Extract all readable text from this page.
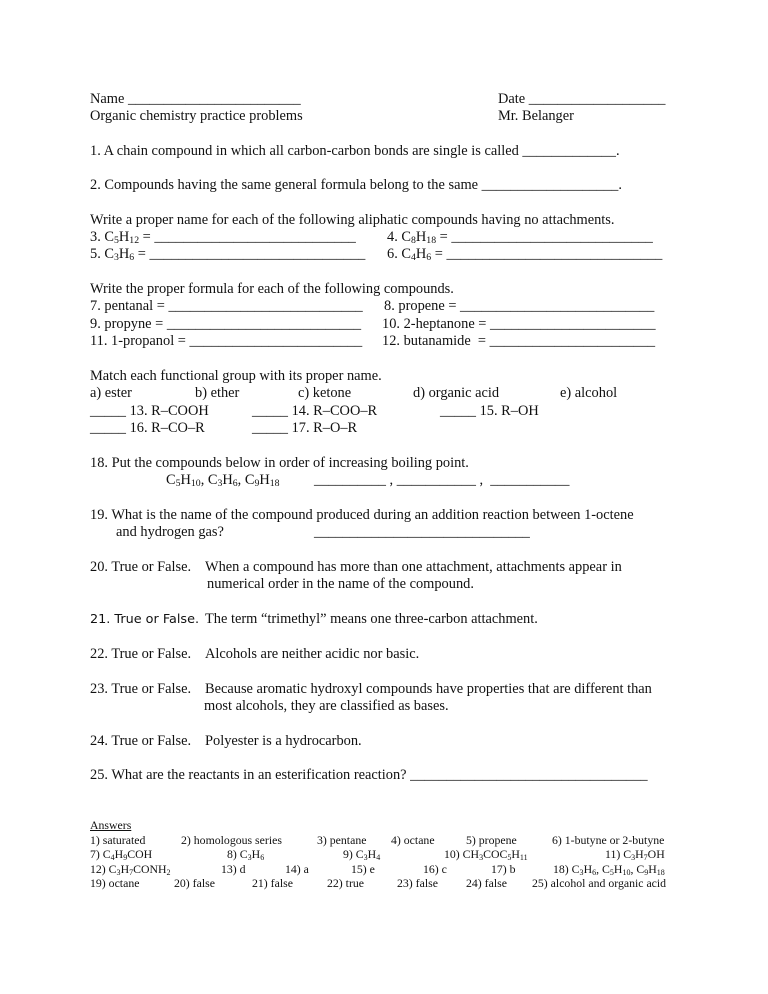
Name ________________________	Date ___________________
Organic chemistry practice problems	Mr. Belanger
1. A chain compound in which all carbon-carbon bonds are single is called _____________.
2. Compounds having the same general formula belong to the same ___________________.
Write a proper name for each of the following aliphatic compounds having no attachments.
3. $C_5H_{12}$ = ____________________________ 4. $C_8H_{18}$ = ____________________________
5. $C_3H_6$ = ______________________________ 6. $C_4H_6$ = ______________________________
Write the proper formula for each of the following compounds.
7. pentanal = ___________________________ 8. propene = ___________________________
9. propyne = ___________________________ 10. 2-heptanone = _______________________
11. 1-propanol = ________________________ 12. butanamide  = _______________________
Match each functional group with its proper name.
a) ester	b) ether	c) ketone	d) organic acid	e) alcohol
_____ 13. R–COOH	_____ 14. R–COO–R	_____ 15. R–OH
_____ 16. R–CO–R	_____ 17. R–O–R
18. Put the compounds below in order of increasing boiling point.
$C_5H_{10}$, $C_3H_6$, $C_9H_{18}$ __________ , ___________ ,  ___________
19. What is the name of the compound produced during an addition reaction between 1-octene
and hydrogen gas?	______________________________
20. True or False. When a compound has more than one attachment, attachments appear in
numerical order in the name of the compound.
21. True or False. The term “trimethyl” means one three-carbon attachment.
22. True or False. Alcohols are neither acidic nor basic.
23. True or False. Because aromatic hydroxyl compounds have properties that are different than
most alcohols, they are classified as bases.
24. True or False. Polyester is a hydrocarbon.
25. What are the reactants in an esterification reaction? _________________________________
Answers
1) saturated	2) homologous series	3) pentane 4) octane	5) propene	6) 1-butyne or 2-butyne
7) $C_4H_9COH$	8) $C_3H_6$	9) $C_3H_4$	10) $CH_3COC_5H_{11}$	11) $C_3H_7OH$
12) $C_3H_7CONH_2$	13) d	14) a	15) e	16) c	17) b	18) $C_3H_6$, $C_5H_{10}$, $C_9H_{18}$
19) octane	20) false	21) false	22) true	23) false 24) false 25) alcohol and organic acid
